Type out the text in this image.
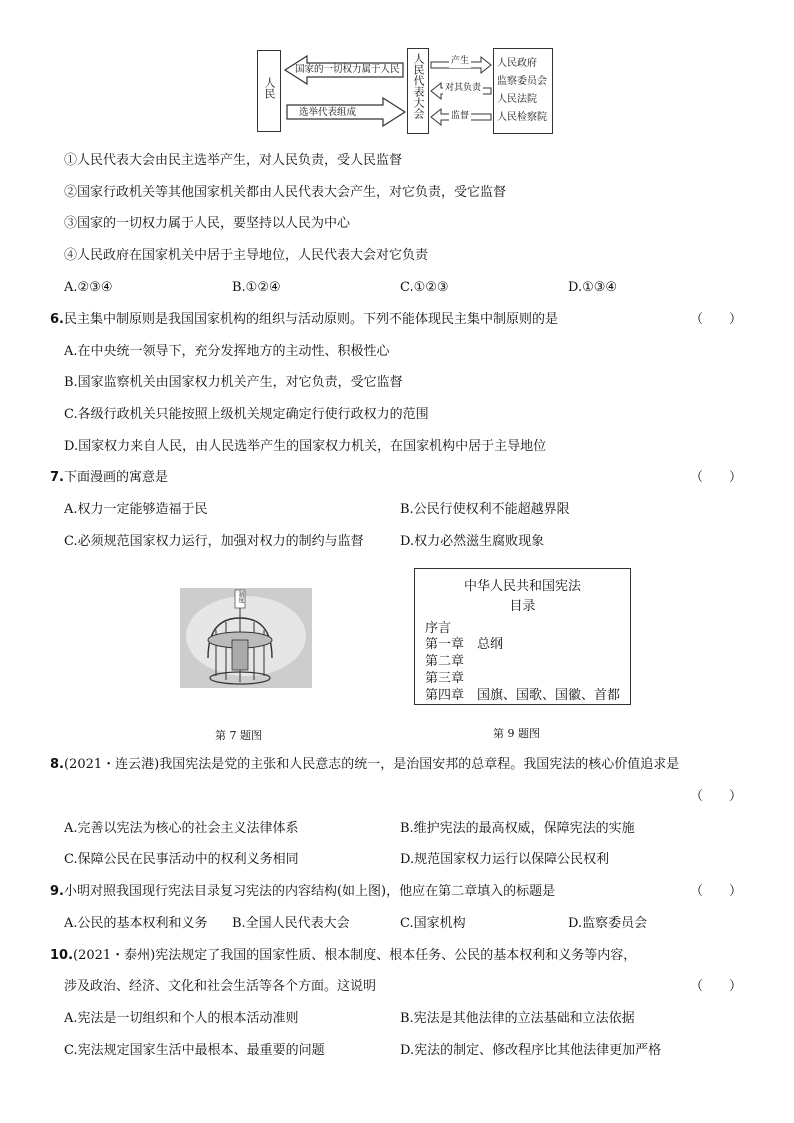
人民
国家的一切权力属于人民
选举代表组成	人民代表大会	产生
对其负责
监督
人民政府
监察委员会
人民法院
人民检察院
①人民代表大会由民主选举产生，对人民负责，受人民监督
②国家行政机关等其他国家机关都由人民代表大会产生，对它负责，受它监督
③国家的一切权力属于人民，要坚持以人民为中心
④人民政府在国家机关中居于主导地位，人民代表大会对它负责
A.②③④	B.①②④	C.①②③	D.①③④
6.民主集中制原则是我国国家机构的组织与活动原则。下列不能体现民主集中制原则的是	（　　）
A.在中央统一领导下，充分发挥地方的主动性、积极性心
B.国家监察机关由国家权力机关产生，对它负责，受它监督
C.各级行政机关只能按照上级机关规定确定行使行政权力的范围
D.国家权力来自人民，由人民选举产生的国家权力机关，在国家机构中居于主导地位
7.下面漫画的寓意是	（　　）
A.权力一定能够造福于民	B.公民行使权利不能超越界限
C.必须规范国家权力运行，加强对权力的制约与监督	D.权力必然滋生腐败现象
制度
第 7 题图
中华人民共和国宪法
目录
序言
第一章　总纲
第二章
第三章
第四章　国旗、国歌、国徽、首都
第 9 题图
8.(2021・连云港)我国宪法是党的主张和人民意志的统一，是治国安邦的总章程。我国宪法的核心价值追求是
（　　）
A.完善以宪法为核心的社会主义法律体系	B.维护宪法的最高权威，保障宪法的实施
C.保障公民在民事活动中的权利义务相同	D.规范国家权力运行以保障公民权利
9.小明对照我国现行宪法目录复习宪法的内容结构(如上图)，他应在第二章填入的标题是	（　　）
A.公民的基本权利和义务 B.全国人民代表大会	C.国家机构	D.监察委员会
10.(2021・泰州)宪法规定了我国的国家性质、根本制度、根本任务、公民的基本权利和义务等内容，
涉及政治、经济、文化和社会生活等各个方面。这说明	（　　）
A.宪法是一切组织和个人的根本活动准则	B.宪法是其他法律的立法基础和立法依据
C.宪法规定国家生活中最根本、最重要的问题	D.宪法的制定、修改程序比其他法律更加严格
